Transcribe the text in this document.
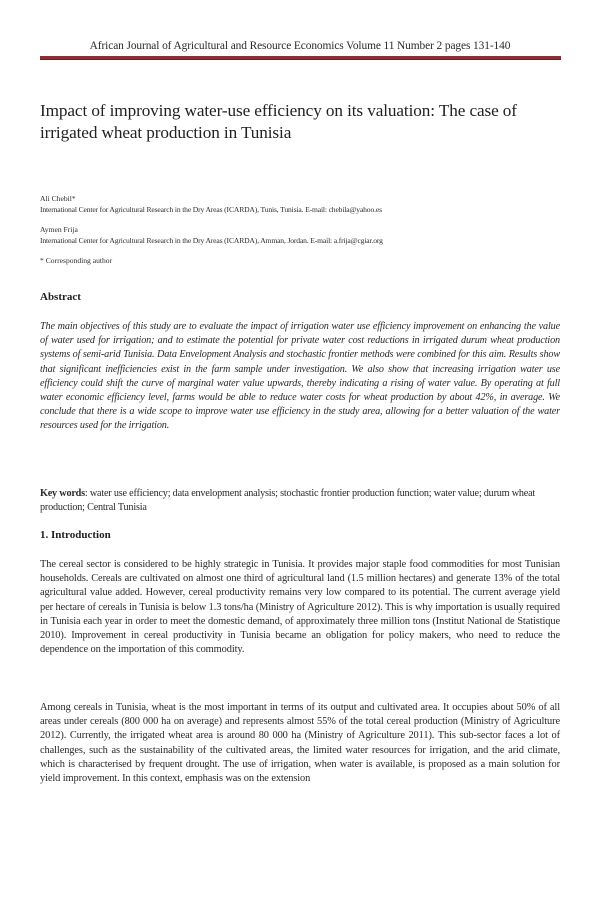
African Journal of Agricultural and Resource Economics Volume 11 Number 2 pages 131-140
Impact of improving water-use efficiency on its valuation: The case of irrigated wheat production in Tunisia
Ali Chebil*
International Center for Agricultural Research in the Dry Areas (ICARDA), Tunis, Tunisia. E-mail: chebila@yahoo.es
Aymen Frija
International Center for Agricultural Research in the Dry Areas (ICARDA), Amman, Jordan. E-mail: a.frija@cgiar.org
* Corresponding author
Abstract
The main objectives of this study are to evaluate the impact of irrigation water use efficiency improvement on enhancing the value of water used for irrigation; and to estimate the potential for private water cost reductions in irrigated durum wheat production systems of semi-arid Tunisia. Data Envelopment Analysis and stochastic frontier methods were combined for this aim. Results show that significant inefficiencies exist in the farm sample under investigation. We also show that increasing irrigation water use efficiency could shift the curve of marginal water value upwards, thereby indicating a rising of water value. By operating at full water economic efficiency level, farms would be able to reduce water costs for wheat production by about 42%, in average. We conclude that there is a wide scope to improve water use efficiency in the study area, allowing for a better valuation of the water resources used for the irrigation.
Key words: water use efficiency; data envelopment analysis; stochastic frontier production function; water value; durum wheat production; Central Tunisia
1. Introduction
The cereal sector is considered to be highly strategic in Tunisia. It provides major staple food commodities for most Tunisian households. Cereals are cultivated on almost one third of agricultural land (1.5 million hectares) and generate 13% of the total agricultural value added. However, cereal productivity remains very low compared to its potential. The current average yield per hectare of cereals in Tunisia is below 1.3 tons/ha (Ministry of Agriculture 2012). This is why importation is usually required in Tunisia each year in order to meet the domestic demand, of approximately three million tons (Institut National de Statistique 2010). Improvement in cereal productivity in Tunisia became an obligation for policy makers, who need to reduce the dependence on the importation of this commodity.
Among cereals in Tunisia, wheat is the most important in terms of its output and cultivated area. It occupies about 50% of all areas under cereals (800 000 ha on average) and represents almost 55% of the total cereal production (Ministry of Agriculture 2012). Currently, the irrigated wheat area is around 80 000 ha (Ministry of Agriculture 2011). This sub-sector faces a lot of challenges, such as the sustainability of the cultivated areas, the limited water resources for irrigation, and the arid climate, which is characterised by frequent drought. The use of irrigation, when water is available, is proposed as a main solution for yield improvement. In this context, emphasis was on the extension
